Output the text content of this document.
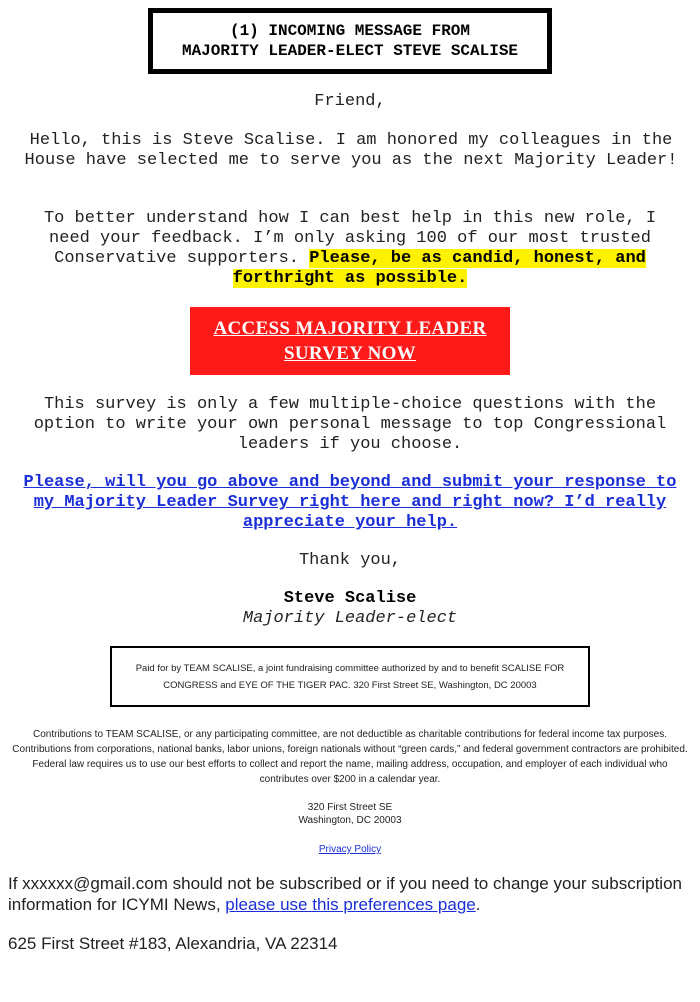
(1) INCOMING MESSAGE FROM
MAJORITY LEADER-ELECT STEVE SCALISE
Friend,
Hello, this is Steve Scalise. I am honored my colleagues in the House have selected me to serve you as the next Majority Leader!
To better understand how I can best help in this new role, I need your feedback. I’m only asking 100 of our most trusted Conservative supporters. Please, be as candid, honest, and forthright as possible.
ACCESS MAJORITY LEADER
SURVEY NOW
This survey is only a few multiple-choice questions with the option to write your own personal message to top Congressional leaders if you choose.
Please, will you go above and beyond and submit your response to my Majority Leader Survey right here and right now? I’d really appreciate your help.
Thank you,
Steve Scalise
Majority Leader-elect
Paid for by TEAM SCALISE, a joint fundraising committee authorized by and to benefit SCALISE FOR CONGRESS and EYE OF THE TIGER PAC. 320 First Street SE, Washington, DC 20003
Contributions to TEAM SCALISE, or any participating committee, are not deductible as charitable contributions for federal income tax purposes. Contributions from corporations, national banks, labor unions, foreign nationals without “green cards,” and federal government contractors are prohibited. Federal law requires us to use our best efforts to collect and report the name, mailing address, occupation, and employer of each individual who contributes over $200 in a calendar year.
320 First Street SE
Washington, DC 20003
Privacy Policy
If xxxxxx@gmail.com should not be subscribed or if you need to change your subscription information for ICYMI News, please use this preferences page.
625 First Street #183, Alexandria, VA 22314
